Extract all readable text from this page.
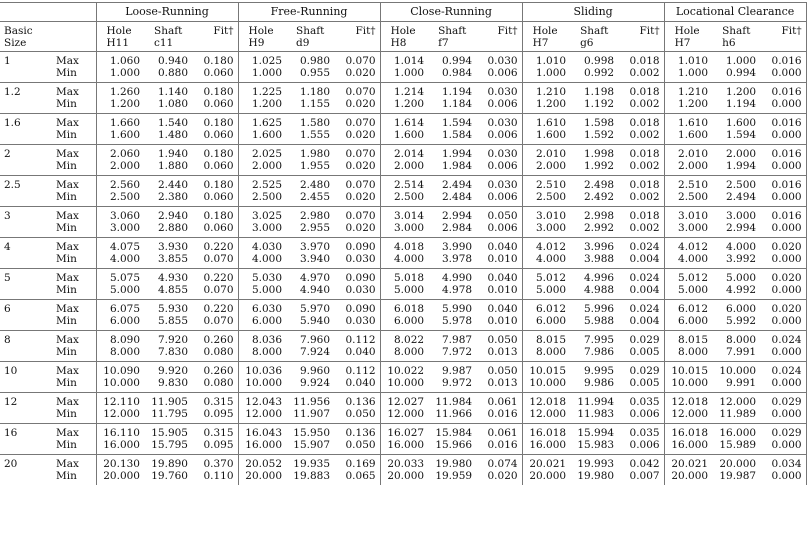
		Loose-Running			Free-Running			Close-Running			Sliding			Locational Clearance		
Basic		Hole	Shaft	Fit†	Hole	Shaft	Fit†	Hole	Shaft	Fit†	Hole	Shaft	Fit†	Hole	Shaft	Fit†
Size		H11	c11		H9	d9		H8	f7		H7	g6		H7	h6	
1	Max	1.060	0.940	0.180	1.025	0.980	0.070	1.014	0.994	0.030	1.010	0.998	0.018	1.010	1.000	0.016
	Min	1.000	0.880	0.060	1.000	0.955	0.020	1.000	0.984	0.006	1.000	0.992	0.002	1.000	0.994	0.000
1.2	Max	1.260	1.140	0.180	1.225	1.180	0.070	1.214	1.194	0.030	1.210	1.198	0.018	1.210	1.200	0.016
	Min	1.200	1.080	0.060	1.200	1.155	0.020	1.200	1.184	0.006	1.200	1.192	0.002	1.200	1.194	0.000
1.6	Max	1.660	1.540	0.180	1.625	1.580	0.070	1.614	1.594	0.030	1.610	1.598	0.018	1.610	1.600	0.016
	Min	1.600	1.480	0.060	1.600	1.555	0.020	1.600	1.584	0.006	1.600	1.592	0.002	1.600	1.594	0.000
2	Max	2.060	1.940	0.180	2.025	1.980	0.070	2.014	1.994	0.030	2.010	1.998	0.018	2.010	2.000	0.016
	Min	2.000	1.880	0.060	2.000	1.955	0.020	2.000	1.984	0.006	2.000	1.992	0.002	2.000	1.994	0.000
2.5	Max	2.560	2.440	0.180	2.525	2.480	0.070	2.514	2.494	0.030	2.510	2.498	0.018	2.510	2.500	0.016
	Min	2.500	2.380	0.060	2.500	2.455	0.020	2.500	2.484	0.006	2.500	2.492	0.002	2.500	2.494	0.000
3	Max	3.060	2.940	0.180	3.025	2.980	0.070	3.014	2.994	0.050	3.010	2.998	0.018	3.010	3.000	0.016
	Min	3.000	2.880	0.060	3.000	2.955	0.020	3.000	2.984	0.006	3.000	2.992	0.002	3.000	2.994	0.000
4	Max	4.075	3.930	0.220	4.030	3.970	0.090	4.018	3.990	0.040	4.012	3.996	0.024	4.012	4.000	0.020
	Min	4.000	3.855	0.070	4.000	3.940	0.030	4.000	3.978	0.010	4.000	3.988	0.004	4.000	3.992	0.000
5	Max	5.075	4.930	0.220	5.030	4.970	0.090	5.018	4.990	0.040	5.012	4.996	0.024	5.012	5.000	0.020
	Min	5.000	4.855	0.070	5.000	4.940	0.030	5.000	4.978	0.010	5.000	4.988	0.004	5.000	4.992	0.000
6	Max	6.075	5.930	0.220	6.030	5.970	0.090	6.018	5.990	0.040	6.012	5.996	0.024	6.012	6.000	0.020
	Min	6.000	5.855	0.070	6.000	5.940	0.030	6.000	5.978	0.010	6.000	5.988	0.004	6.000	5.992	0.000
8	Max	8.090	7.920	0.260	8.036	7.960	0.112	8.022	7.987	0.050	8.015	7.995	0.029	8.015	8.000	0.024
	Min	8.000	7.830	0.080	8.000	7.924	0.040	8.000	7.972	0.013	8.000	7.986	0.005	8.000	7.991	0.000
10	Max	10.090	9.920	0.260	10.036	9.960	0.112	10.022	9.987	0.050	10.015	9.995	0.029	10.015	10.000	0.024
	Min	10.000	9.830	0.080	10.000	9.924	0.040	10.000	9.972	0.013	10.000	9.986	0.005	10.000	9.991	0.000
12	Max	12.110	11.905	0.315	12.043	11.956	0.136	12.027	11.984	0.061	12.018	11.994	0.035	12.018	12.000	0.029
	Min	12.000	11.795	0.095	12.000	11.907	0.050	12.000	11.966	0.016	12.000	11.983	0.006	12.000	11.989	0.000
16	Max	16.110	15.905	0.315	16.043	15.950	0.136	16.027	15.984	0.061	16.018	15.994	0.035	16.018	16.000	0.029
	Min	16.000	15.795	0.095	16.000	15.907	0.050	16.000	15.966	0.016	16.000	15.983	0.006	16.000	15.989	0.000
20	Max	20.130	19.890	0.370	20.052	19.935	0.169	20.033	19.980	0.074	20.021	19.993	0.042	20.021	20.000	0.034
	Min	20.000	19.760	0.110	20.000	19.883	0.065	20.000	19.959	0.020	20.000	19.980	0.007	20.000	19.987	0.000
